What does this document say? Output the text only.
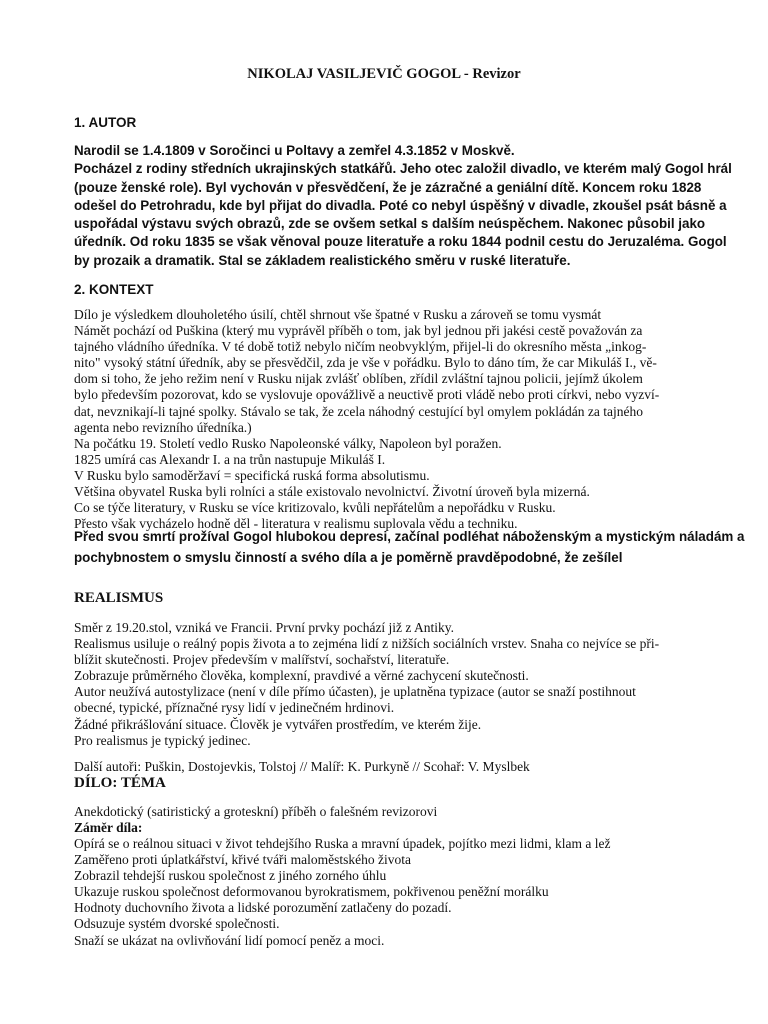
NIKOLAJ VASILJEVIČ GOGOL - Revizor
1. AUTOR
Narodil se 1.4.1809 v Soročinci u Poltavy a zemřel 4.3.1852 v Moskvě.
Pocházel z rodiny středních ukrajinských statkářů. Jeho otec založil divadlo, ve kterém malý Gogol hrál
(pouze ženské role). Byl vychován v přesvědčení, že je zázračné a geniální dítě. Koncem roku 1828
odešel do Petrohradu, kde byl přijat do divadla. Poté co nebyl úspěšný v divadle, zkoušel psát básně a
uspořádal výstavu svých obrazů, zde se ovšem setkal s dalším neúspěchem. Nakonec působil jako
úředník. Od roku 1835 se však věnoval pouze literatuře a roku 1844 podnil cestu do Jeruzaléma. Gogol
by prozaik a dramatik. Stal se základem realistického směru v ruské literatuře.
2. KONTEXT
Dílo je výsledkem dlouholetého úsilí, chtěl shrnout vše špatné v Rusku a zároveň se tomu vysmát
Námět pochází od Puškina (který mu vyprávěl příběh o tom, jak byl jednou při jakési cestě považován za
tajného vládního úředníka. V té době totiž nebylo ničím neobvyklým, přijel-li do okresního města „inkog-
nito" vysoký státní úředník, aby se přesvědčil, zda je vše v pořádku. Bylo to dáno tím, že car Mikuláš I., vě-
dom si toho, že jeho režim není v Rusku nijak zvlášť oblíben, zřídil zvláštní tajnou policii, jejímž úkolem
bylo především pozorovat, kdo se vyslovuje opovážlivě a neuctivě proti vládě nebo proti církvi, nebo vyzví-
dat, nevznikají-li tajné spolky. Stávalo se tak, že zcela náhodný cestující byl omylem pokládán za tajného
agenta nebo revizního úředníka.)
Na počátku 19. Století vedlo Rusko Napoleonské války, Napoleon byl poražen.
1825 umírá cas Alexandr I. a na trůn nastupuje Mikuláš I.
V Rusku bylo samoděržaví = specifická ruská forma absolutismu.
Většina obyvatel Ruska byli rolníci a stále existovalo nevolnictví. Životní úroveň byla mizerná.
Co se týče literatury, v Rusku se více kritizovalo, kvůli nepřátelům a nepořádku v Rusku.
Přesto však vycházelo hodně děl - literatura v realismu suplovala vědu a techniku.
Před svou smrtí prožíval Gogol hlubokou depresi, začínal podléhat náboženským a mystickým náladám a
pochybnostem o smyslu činností a svého díla a je poměrně pravděpodobné, že zešílel
REALISMUS
Směr z 19.20.stol, vzniká ve Francii. První prvky pochází již z Antiky.
Realismus usiluje o reálný popis života a to zejména lidí z nižších sociálních vrstev. Snaha co nejvíce se při-
blížit skutečnosti. Projev především v malířství, sochařství, literatuře.
Zobrazuje průměrného člověka, komplexní, pravdivé a věrné zachycení skutečnosti.
Autor neužívá autostylizace (není v díle přímo účasten), je uplatněna typizace (autor se snaží postihnout
obecné, typické, příznačné rysy lidí v jedinečném hrdinovi.
Žádné přikrášlování situace. Člověk je vytvářen prostředím, ve kterém žije.
Pro realismus je typický jedinec.
Další autoři: Puškin, Dostojevkis, Tolstoj // Malíř: K. Purkyně // Scohař: V. Myslbek
DÍLO: TÉMA
Anekdotický (satiristický a groteskní) příběh o falešném revizorovi
Záměr díla:
Opírá se o reálnou situaci v život tehdejšího Ruska a mravní úpadek, pojítko mezi lidmi, klam a lež
Zaměřeno proti úplatkářství, křivé tváři maloměstského života
Zobrazil tehdejší ruskou společnost z jiného zorného úhlu
Ukazuje ruskou společnost deformovanou byrokratismem, pokřivenou peněžní morálku
Hodnoty duchovního života a lidské porozumění zatlačeny do pozadí.
Odsuzuje systém dvorské společnosti.
Snaží se ukázat na ovlivňování lidí pomocí peněz a moci.
